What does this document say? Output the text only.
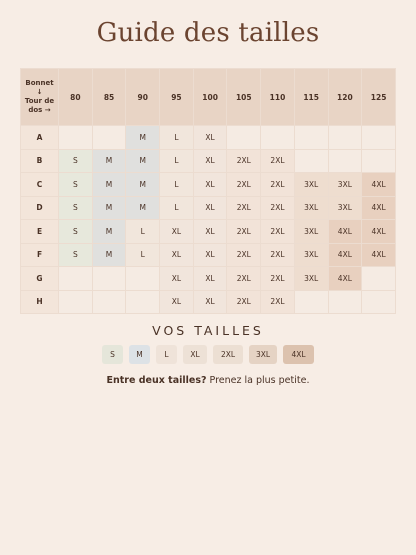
Guide des tailles
Bonnet
↓
Tour de
dos →	80	85	90	95	100	105	110	115	120	125
A			M	L	XL					
B	S	M	M	L	XL	2XL	2XL			
C	S	M	M	L	XL	2XL	2XL	3XL	3XL	4XL
D	S	M	M	L	XL	2XL	2XL	3XL	3XL	4XL
E	S	M	L	XL	XL	2XL	2XL	3XL	4XL	4XL
F	S	M	L	XL	XL	2XL	2XL	3XL	4XL	4XL
G				XL	XL	2XL	2XL	3XL	4XL	
H				XL	XL	2XL	2XL			
VOS TAILLES
S	M	L	XL	2XL	3XL	4XL
Entre deux tailles? Prenez la plus petite.
